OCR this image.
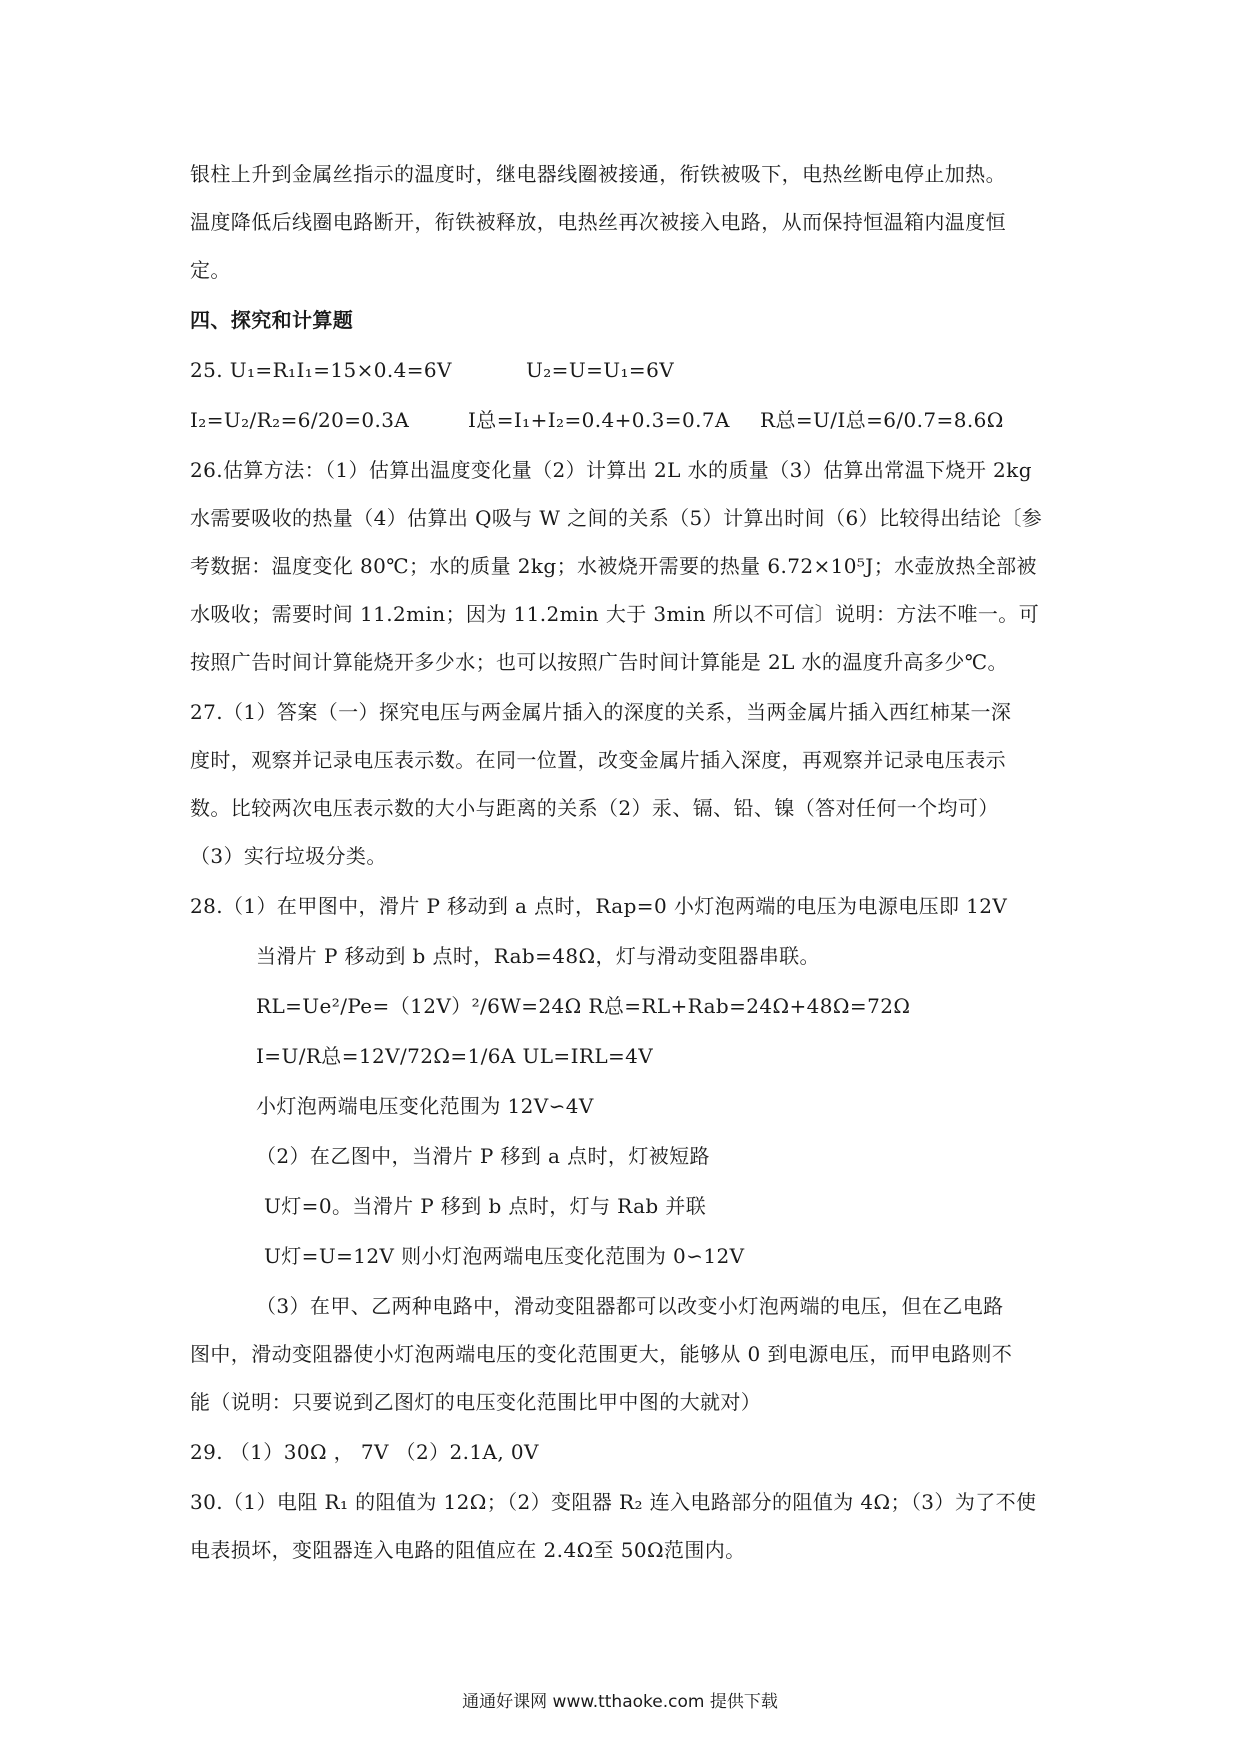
银柱上升到金属丝指示的温度时，继电器线圈被接通，衔铁被吸下，电热丝断电停止加热。
温度降低后线圈电路断开，衔铁被释放，电热丝再次被接入电路，从而保持恒温箱内温度恒
定。
四、探究和计算题
25. U₁=R₁I₁=15×0.4=6V	U₂=U=U₁=6V
I₂=U₂/R₂=6/20=0.3A	I总=I₁+I₂=0.4+0.3=0.7A R总=U/I总=6/0.7=8.6Ω
26.估算方法：（1）估算出温度变化量（2）计算出 2L 水的质量（3）估算出常温下烧开 2kg
水需要吸收的热量（4）估算出 Q吸与 W 之间的关系（5）计算出时间（6）比较得出结论〔参
考数据：温度变化 80℃；水的质量 2kg；水被烧开需要的热量 6.72×10⁵J；水壶放热全部被
水吸收；需要时间 11.2min；因为 11.2min 大于 3min 所以不可信〕说明：方法不唯一。可
按照广告时间计算能烧开多少水；也可以按照广告时间计算能是 2L 水的温度升高多少℃。
27.（1）答案（一）探究电压与两金属片插入的深度的关系，当两金属片插入西红柿某一深
度时，观察并记录电压表示数。在同一位置，改变金属片插入深度，再观察并记录电压表示
数。比较两次电压表示数的大小与距离的关系（2）汞、镉、铅、镍（答对任何一个均可）
（3）实行垃圾分类。
28.（1）在甲图中，滑片 P 移动到 a 点时，Rap=0 小灯泡两端的电压为电源电压即 12V
当滑片 P 移动到 b 点时，Rab=48Ω，灯与滑动变阻器串联。
RL=Ue²/Pe=（12V）²/6W=24Ω R总=RL+Rab=24Ω+48Ω=72Ω
I=U/R总=12V/72Ω=1/6A UL=IRL=4V
小灯泡两端电压变化范围为 12V∽4V
（2）在乙图中，当滑片 P 移到 a 点时，灯被短路
U灯=0。当滑片 P 移到 b 点时，灯与 Rab 并联
U灯=U=12V 则小灯泡两端电压变化范围为 0∽12V
（3）在甲、乙两种电路中，滑动变阻器都可以改变小灯泡两端的电压，但在乙电路
图中，滑动变阻器使小灯泡两端电压的变化范围更大，能够从 0 到电源电压，而甲电路则不
能（说明：只要说到乙图灯的电压变化范围比甲中图的大就对）
29. （1）30Ω ， 7V （2）2.1A, 0V
30.（1）电阻 R₁ 的阻值为 12Ω；（2）变阻器 R₂ 连入电路部分的阻值为 4Ω；（3）为了不使
电表损坏，变阻器连入电路的阻值应在 2.4Ω至 50Ω范围内。
通通好课网 www.tthaoke.com 提供下载
